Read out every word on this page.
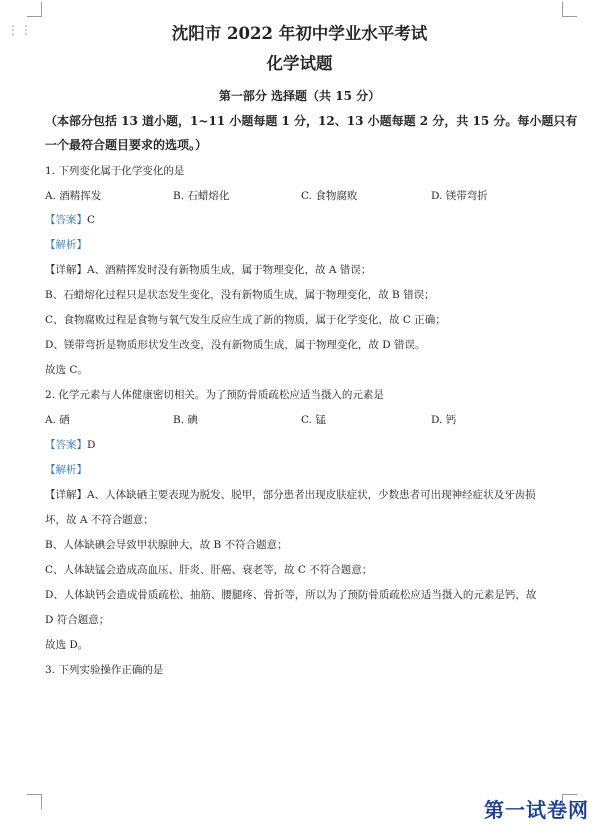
⋮⋮	沈阳市 2022 年初中学业水平考试
化学试题
第一部分 选择题（共 15 分）
（本部分包括 13 道小题，1~11 小题每题 1 分，12、13 小题每题 2 分，共 15 分。每小题只有
一个最符合题目要求的选项。）
1. 下列变化属于化学变化的是
A. 酒精挥发	B. 石蜡熔化	C. 食物腐败	D. 镁带弯折
【答案】C
【解析】
【详解】A、酒精挥发时没有新物质生成，属于物理变化，故 A 错误；
B、石蜡熔化过程只是状态发生变化，没有新物质生成，属于物理变化，故 B 错误；
C、食物腐败过程是食物与氧气发生反应生成了新的物质，属于化学变化，故 C 正确；
D、镁带弯折是物质形状发生改变，没有新物质生成，属于物理变化，故 D 错误。
故选 C。
2. 化学元素与人体健康密切相关。为了预防骨质疏松应适当摄入的元素是
A. 硒	B. 碘	C. 锰	D. 钙
【答案】D
【解析】
【详解】A、人体缺硒主要表现为脱发、脱甲，部分患者出现皮肤症状，少数患者可出现神经症状及牙齿损
坏，故 A 不符合题意；
B、人体缺碘会导致甲状腺肿大，故 B 不符合题意；
C、人体缺锰会造成高血压、肝炎、肝癌、衰老等，故 C 不符合题意；
D、人体缺钙会造成骨质疏松、抽筋、腰腿疼、骨折等，所以为了预防骨质疏松应适当摄入的元素是钙，故
D 符合题意；
故选 D。
3. 下列实验操作正确的是
第一试卷网
